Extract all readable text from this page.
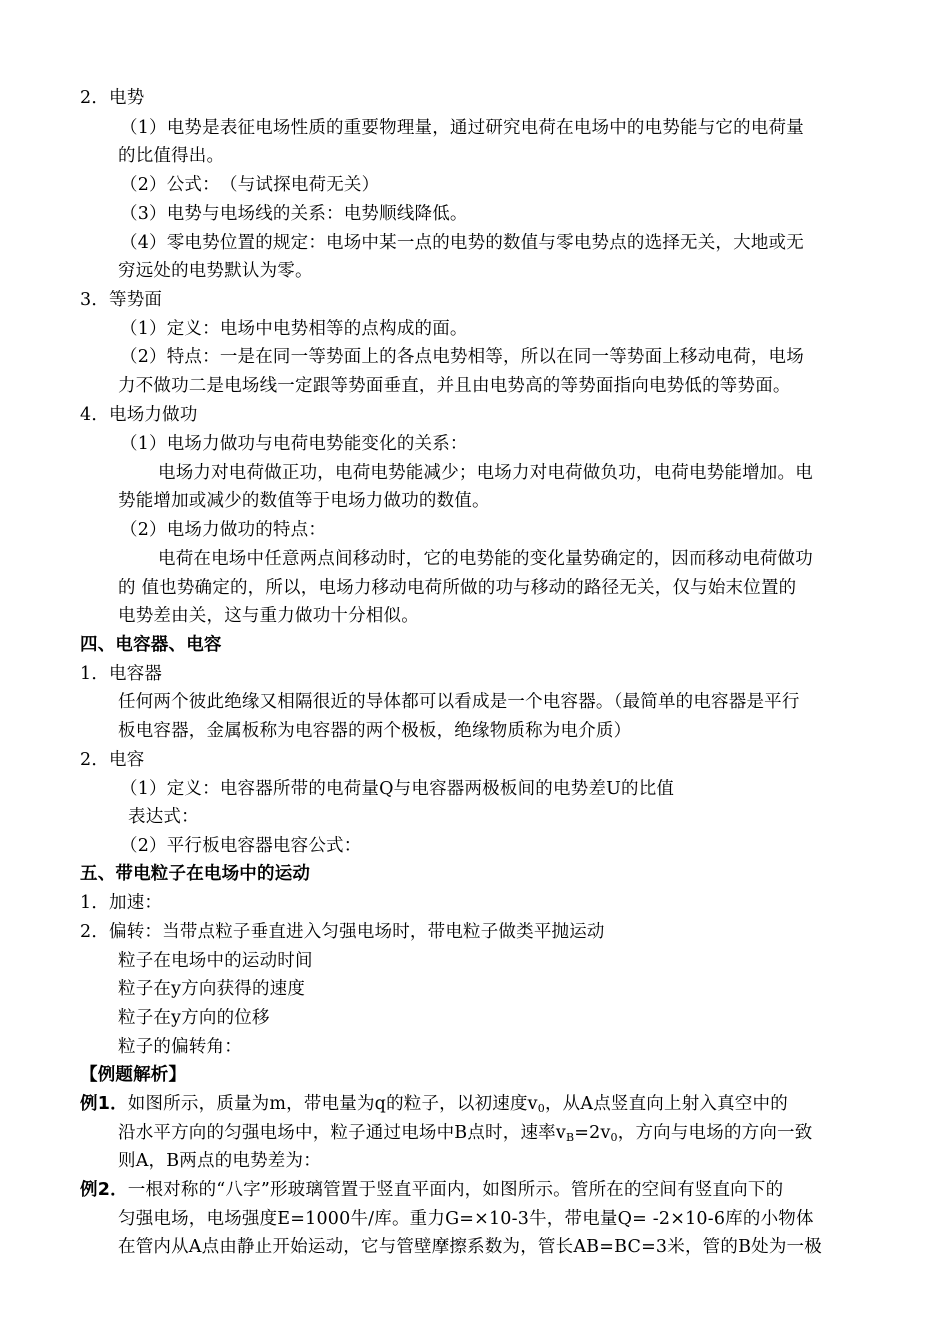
2．电势
（1）电势是表征电场性质的重要物理量，通过研究电荷在电场中的电势能与它的电荷量
的比值得出。
（2）公式：　（与试探电荷无关）
（3）电势与电场线的关系：电势顺线降低。
（4）零电势位置的规定：电场中某一点的电势的数值与零电势点的选择无关，大地或无
穷远处的电势默认为零。
3．等势面
（1）定义：电场中电势相等的点构成的面。
（2）特点：一是在同一等势面上的各点电势相等，所以在同一等势面上移动电荷，电场
力不做功二是电场线一定跟等势面垂直，并且由电势高的等势面指向电势低的等势面。
4．电场力做功
（1）电场力做功与电荷电势能变化的关系：
电场力对电荷做正功，电荷电势能减少；电场力对电荷做负功，电荷电势能增加。电
势能增加或减少的数值等于电场力做功的数值。
（2）电场力做功的特点：
电荷在电场中任意两点间移动时，它的电势能的变化量势确定的，因而移动电荷做功
的 值也势确定的，所以，电场力移动电荷所做的功与移动的路径无关，仅与始末位置的
电势差由关，这与重力做功十分相似。
四、电容器、电容
1．电容器
任何两个彼此绝缘又相隔很近的导体都可以看成是一个电容器。（最简单的电容器是平行
板电容器，金属板称为电容器的两个极板，绝缘物质称为电介质）
2．电容
（1）定义：电容器所带的电荷量Q与电容器两极板间的电势差U的比值
表达式：
（2）平行板电容器电容公式：
五、带电粒子在电场中的运动
1．加速：
2．偏转：当带点粒子垂直进入匀强电场时，带电粒子做类平抛运动
粒子在电场中的运动时间
粒子在y方向获得的速度
粒子在y方向的位移
粒子的偏转角：
【例题解析】
例1．如图所示，质量为m，带电量为q的粒子，以初速度$v_0$，从A点竖直向上射入真空中的
沿水平方向的匀强电场中，粒子通过电场中B点时，速率$v_B=2v_0$，方向与电场的方向一致
则A，B两点的电势差为：
例2．一根对称的“八字”形玻璃管置于竖直平面内，如图所示。管所在的空间有竖直向下的
匀强电场，电场强度E=1000牛/库。重力G=×10-3牛，带电量Q= -2×10-6库的小物体
在管内从A点由静止开始运动，它与管壁摩擦系数为，管长AB=BC=3米，管的B处为一极
